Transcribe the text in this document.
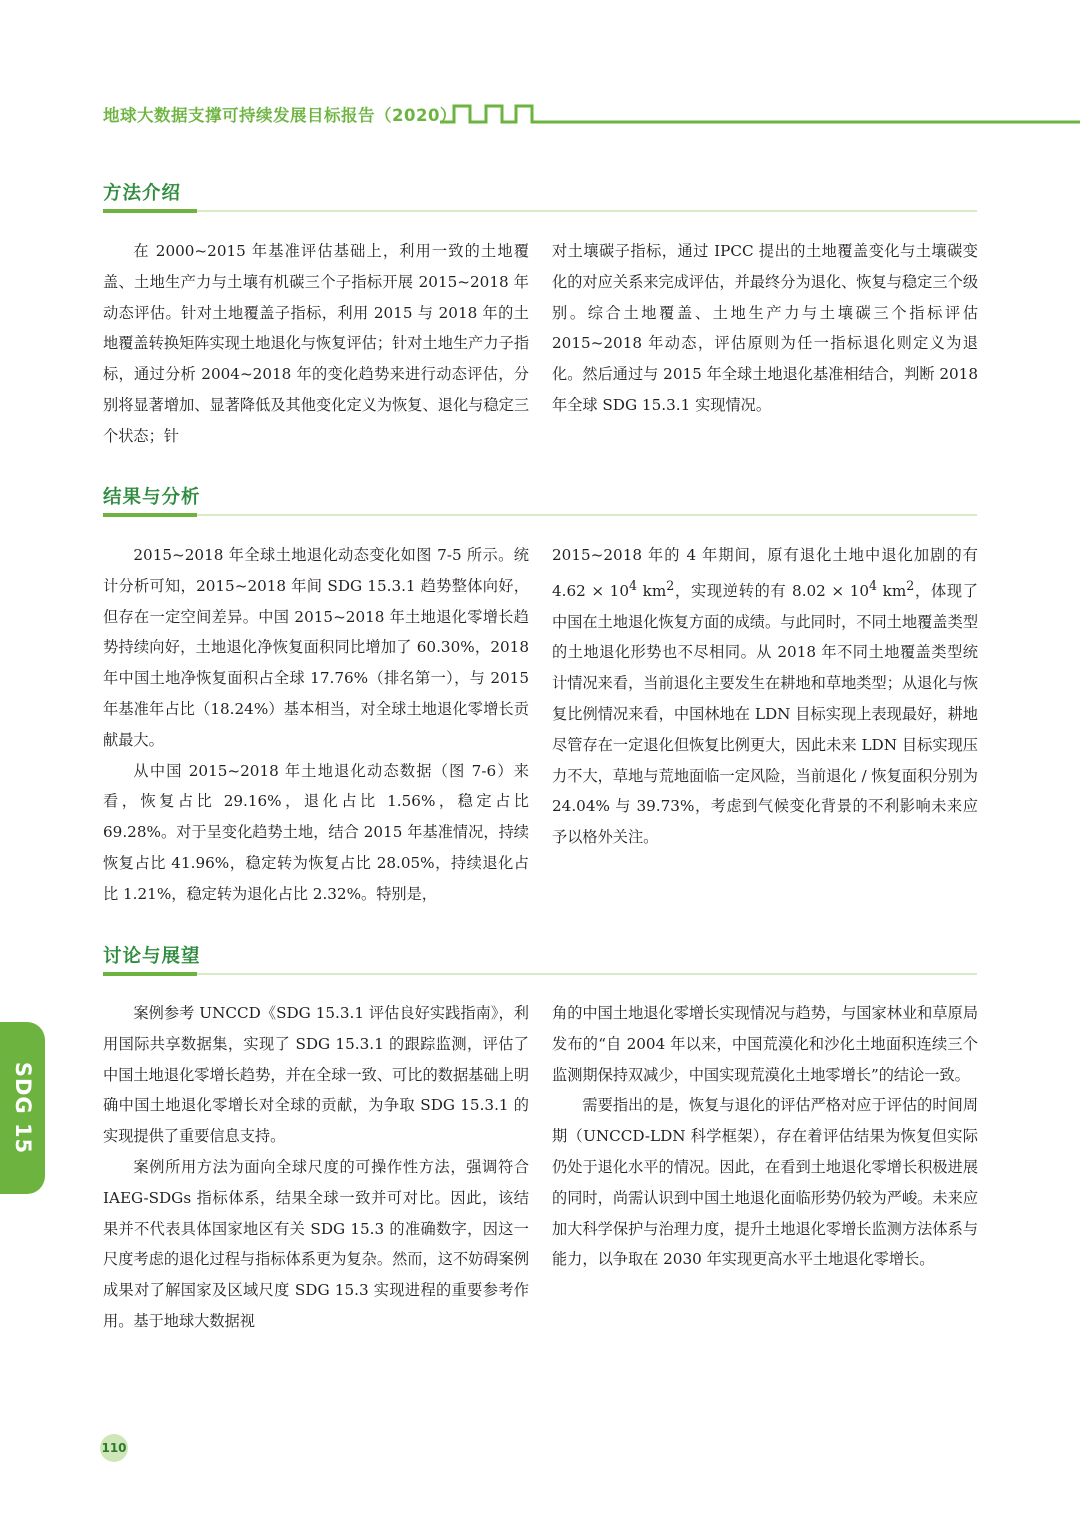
地球大数据支撑可持续发展目标报告（2020）
方法介绍

在 2000~2015 年基准评估基础上，利用一致的土地覆盖、土地生产力与土壤有机碳三个子指标开展 2015~2018 年动态评估。针对土地覆盖子指标，利用 2015 与 2018 年的土地覆盖转换矩阵实现土地退化与恢复评估；针对土地生产力子指标，通过分析 2004~2018 年的变化趋势来进行动态评估，分别将显著增加、显著降低及其他变化定义为恢复、退化与稳定三个状态；针

对土壤碳子指标，通过 IPCC 提出的土地覆盖变化与土壤碳变化的对应关系来完成评估，并最终分为退化、恢复与稳定三个级别。综合土地覆盖、土地生产力与土壤碳三个指标评估 2015~2018 年动态，评估原则为任一指标退化则定义为退化。然后通过与 2015 年全球土地退化基准相结合，判断 2018 年全球 SDG 15.3.1 实现情况。

结果与分析

2015~2018 年全球土地退化动态变化如图 7-5 所示。统计分析可知，2015~2018 年间 SDG 15.3.1 趋势整体向好，但存在一定空间差异。中国 2015~2018 年土地退化零增长趋势持续向好，土地退化净恢复面积同比增加了 60.30%，2018 年中国土地净恢复面积占全球 17.76%（排名第一），与 2015 年基准年占比（18.24%）基本相当，对全球土地退化零增长贡献最大。

从中国 2015~2018 年土地退化动态数据（图 7-6）来看，恢复占比 29.16%，退化占比 1.56%，稳定占比 69.28%。对于呈变化趋势土地，结合 2015 年基准情况，持续恢复占比 41.96%，稳定转为恢复占比 28.05%，持续退化占比 1.21%，稳定转为退化占比 2.32%。特别是，

2015~2018 年的 4 年期间，原有退化土地中退化加剧的有 $4.62 \times 10^4$ $km^2$，实现逆转的有 $8.02 \times 10^4$ $km^2$，体现了中国在土地退化恢复方面的成绩。与此同时，不同土地覆盖类型的土地退化形势也不尽相同。从 2018 年不同土地覆盖类型统计情况来看，当前退化主要发生在耕地和草地类型；从退化与恢复比例情况来看，中国林地在 LDN 目标实现上表现最好，耕地尽管存在一定退化但恢复比例更大，因此未来 LDN 目标实现压力不大，草地与荒地面临一定风险，当前退化 / 恢复面积分别为 24.04% 与 39.73%，考虑到气候变化背景的不利影响未来应予以格外关注。

讨论与展望

案例参考 UNCCD《SDG 15.3.1 评估良好实践指南》，利用国际共享数据集，实现了 SDG 15.3.1 的跟踪监测，评估了中国土地退化零增长趋势，并在全球一致、可比的数据基础上明确中国土地退化零增长对全球的贡献，为争取 SDG 15.3.1 的实现提供了重要信息支持。

案例所用方法为面向全球尺度的可操作性方法，强调符合 IAEG-SDGs 指标体系，结果全球一致并可对比。因此，该结果并不代表具体国家地区有关 SDG 15.3 的准确数字，因这一尺度考虑的退化过程与指标体系更为复杂。然而，这不妨碍案例成果对了解国家及区域尺度 SDG 15.3 实现进程的重要参考作用。基于地球大数据视

角的中国土地退化零增长实现情况与趋势，与国家林业和草原局发布的“自 2004 年以来，中国荒漠化和沙化土地面积连续三个监测期保持双减少，中国实现荒漠化土地零增长”的结论一致。

需要指出的是，恢复与退化的评估严格对应于评估的时间周期（UNCCD-LDN 科学框架），存在着评估结果为恢复但实际仍处于退化水平的情况。因此，在看到土地退化零增长积极进展的同时，尚需认识到中国土地退化面临形势仍较为严峻。未来应加大科学保护与治理力度，提升土地退化零增长监测方法体系与能力，以争取在 2030 年实现更高水平土地退化零增长。

SDG 15
110
